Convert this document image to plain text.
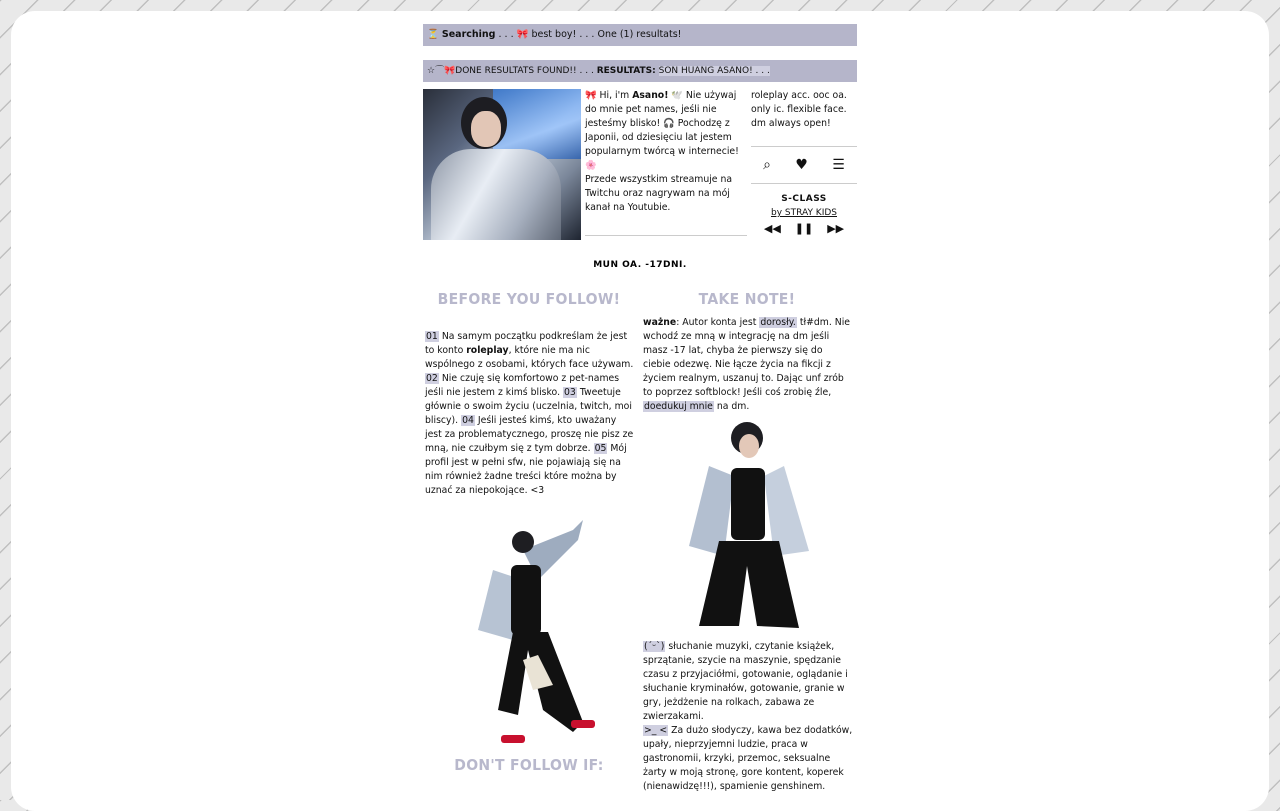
⏳ Searching . . . 🎀 best boy! . . . One (1) resultats!
☆⌒🎀DONE RESULTATS FOUND!! . . . RESULTATS: SON HUANG ASANO! . . .

🎀 Hi, i'm Asano! 🕊️ Nie używaj do mnie pet names, jeśli nie jesteśmy blisko! 🎧 Pochodzę z Japonii, od dziesięciu lat jestem popularnym twórcą w internecie! 🌸

Przede wszystkim streamuje na Twitchu oraz nagrywam na mój kanał na Youtubie.

roleplay acc. ooc oa. only ic. flexible face. dm always open!
⌕ ♥ ☰
S-CLASS
by STRAY KIDS
◀◀ ❚❚ ▶▶
MUN OA. -17DNI.
BEFORE YOU FOLLOW!
01 Na samym początku podkreślam że jest to konto roleplay, które nie ma nic wspólnego z osobami, których face używam. 02 Nie czuję się komfortowo z pet-names jeśli nie jestem z kimś blisko. 03 Tweetuje głównie o swoim życiu (uczelnia, twitch, moi bliscy). 04 Jeśli jesteś kimś, kto uważany jest za problematycznego, proszę nie pisz ze mną, nie czułbym się z tym dobrze. 05 Mój profil jest w pełni sfw, nie pojawiają się na nim również żadne treści które można by uznać za niepokojące. <3
DON'T FOLLOW IF:
TAKE NOTE!
ważne: Autor konta jest dorosły. tł#dm. Nie wchodź ze mną w integrację na dm jeśli masz -17 lat, chyba że pierwszy się do ciebie odezwę. Nie łącze życia na fikcji z życiem realnym, uszanuj to. Dając unf zrób to poprzez softblock! Jeśli coś zrobię źle, doedukuj mnie na dm.
(ˊᵕˋ) słuchanie muzyki, czytanie książek, sprzątanie, szycie na maszynie, spędzanie czasu z przyjaciółmi, gotowanie, oglądanie i słuchanie kryminałów, gotowanie, granie w gry, jeżdżenie na rolkach, zabawa ze zwierzakami.
>_ < Za dużo słodyczy, kawa bez dodatków, upały, nieprzyjemni ludzie, praca w gastronomii, krzyki, przemoc, seksualne żarty w moją stronę, gore kontent, koperek (nienawidzę!!!), spamienie genshinem.
